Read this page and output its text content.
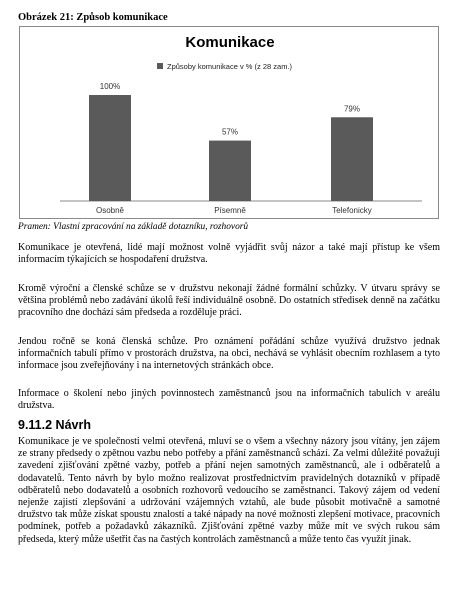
Obrázek 21: Způsob komunikace
Komunikace
Způsoby komunikace v % (z 28 zam.)
100%
Osobně
57%
Písemně
79%
Telefonicky
Pramen: Vlastní zpracování na základě dotazníku, rozhovorů

Komunikace je otevřená, lidé mají možnost volně vyjádřit svůj názor a také mají přístup ke všem informacím týkajících se hospodaření družstva.

Kromě výroční a členské schůze se v družstvu nekonají žádné formální schůzky. V útvaru správy se většina problémů nebo zadávání úkolů řeší individuálně osobně. Do ostatních středisek denně na začátku pracovního dne dochází sám předseda a rozděluje práci.

Jendou ročně se koná členská schůze. Pro oznámení pořádání schůze využívá družstvo jednak informačních tabulí přímo v prostorách družstva, na obci, nechává se vyhlásit obecním rozhlasem a tyto informace jsou zveřejňovány i na internetových stránkách obce.

Informace o školení nebo jiných povinnostech zaměstnanců jsou na informačních tabulích v areálu družstva.

9.11.2 Návrh

Komunikace je ve společnosti velmi otevřená, mluví se o všem a všechny názory jsou vítány, jen zájem ze strany předsedy o zpětnou vazbu nebo potřeby a přání zaměstnanců schází. Za velmi důležité považuji zavedení zjišťování zpětné vazby, potřeb a přání nejen samotných zaměstnanců, ale i odběratelů a dodavatelů. Tento návrh by bylo možno realizovat prostřednictvím pravidelných dotazníků v případě odběratelů nebo dodavatelů a osobních rozhovorů vedoucího se zaměstnanci. Takový zájem od vedení nejenže zajistí zlepšování a udržování vzájemných vztahů, ale bude působit motivačně a samotné družstvo tak může získat spoustu znalostí a také nápady na nové možnosti zlepšení motivace, pracovních podmínek, potřeb a požadavků zákazníků. Zjišťování zpětné vazby může mít ve svých rukou sám předseda, který může ušetřit čas na častých kontrolách zaměstnanců a může tento čas využít jinak.
